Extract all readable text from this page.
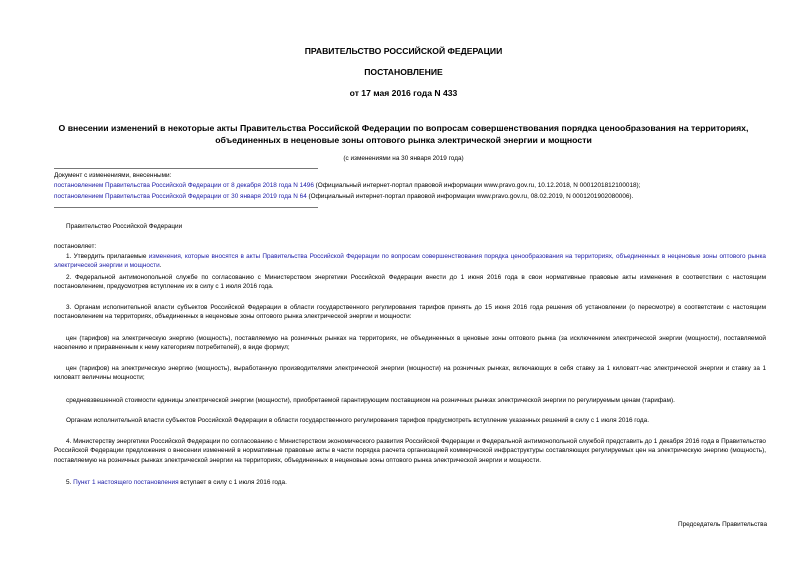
ПРАВИТЕЛЬСТВО РОССИЙСКОЙ ФЕДЕРАЦИИ
ПОСТАНОВЛЕНИЕ
от 17 мая 2016 года N 433
О внесении изменений в некоторые акты Правительства Российской Федерации по вопросам совершенствования порядка ценообразования на территориях, объединенных в неценовые зоны оптового рынка электрической энергии и мощности
(с изменениями на 30 января 2019 года)
Документ с изменениями, внесенными:
постановлением Правительства Российской Федерации от 8 декабря 2018 года N 1496 (Официальный интернет-портал правовой информации www.pravo.gov.ru, 10.12.2018, N 0001201812100018);
постановлением Правительства Российской Федерации от 30 января 2019 года N 64 (Официальный интернет-портал правовой информации www.pravo.gov.ru, 08.02.2019, N 0001201902080006).
Правительство Российской Федерации
постановляет:
1. Утвердить прилагаемые изменения, которые вносятся в акты Правительства Российской Федерации по вопросам совершенствования порядка ценообразования на территориях, объединенных в неценовые зоны оптового рынка электрической энергии и мощности.
2. Федеральной антимонопольной службе по согласованию с Министерством энергетики Российской Федерации внести до 1 июня 2016 года в свои нормативные правовые акты изменения в соответствии с настоящим постановлением, предусмотрев вступление их в силу с 1 июля 2016 года.
3. Органам исполнительной власти субъектов Российской Федерации в области государственного регулирования тарифов принять до 15 июня 2016 года решения об установлении (о пересмотре) в соответствии с настоящим постановлением на территориях, объединенных в неценовые зоны оптового рынка электрической энергии и мощности:
цен (тарифов) на электрическую энергию (мощность), поставляемую на розничных рынках на территориях, не объединенных в ценовые зоны оптового рынка (за исключением электрической энергии (мощности), поставляемой населению и приравненным к нему категориям потребителей), в виде формул;
цен (тарифов) на электрическую энергию (мощность), выработанную производителями электрической энергии (мощности) на розничных рынках, включающих в себя ставку за 1 киловатт-час электрической энергии и ставку за 1 киловатт величины мощности;
средневзвешенной стоимости единицы электрической энергии (мощности), приобретаемой гарантирующим поставщиком на розничных рынках электрической энергии по регулируемым ценам (тарифам).
Органам исполнительной власти субъектов Российской Федерации в области государственного регулирования тарифов предусмотреть вступление указанных решений в силу с 1 июля 2016 года.
4. Министерству энергетики Российской Федерации по согласованию с Министерством экономического развития Российской Федерации и Федеральной антимонопольной службой представить до 1 декабря 2016 года в Правительство Российской Федерации предложения о внесении изменений в нормативные правовые акты в части порядка расчета организацией коммерческой инфраструктуры составляющих регулируемых цен на электрическую энергию (мощность), поставляемую на розничных рынках электрической энергии на территориях, объединенных в неценовые зоны оптового рынка электрической энергии и мощности.
5. Пункт 1 настоящего постановления вступает в силу с 1 июля 2016 года.
Председатель Правительства
